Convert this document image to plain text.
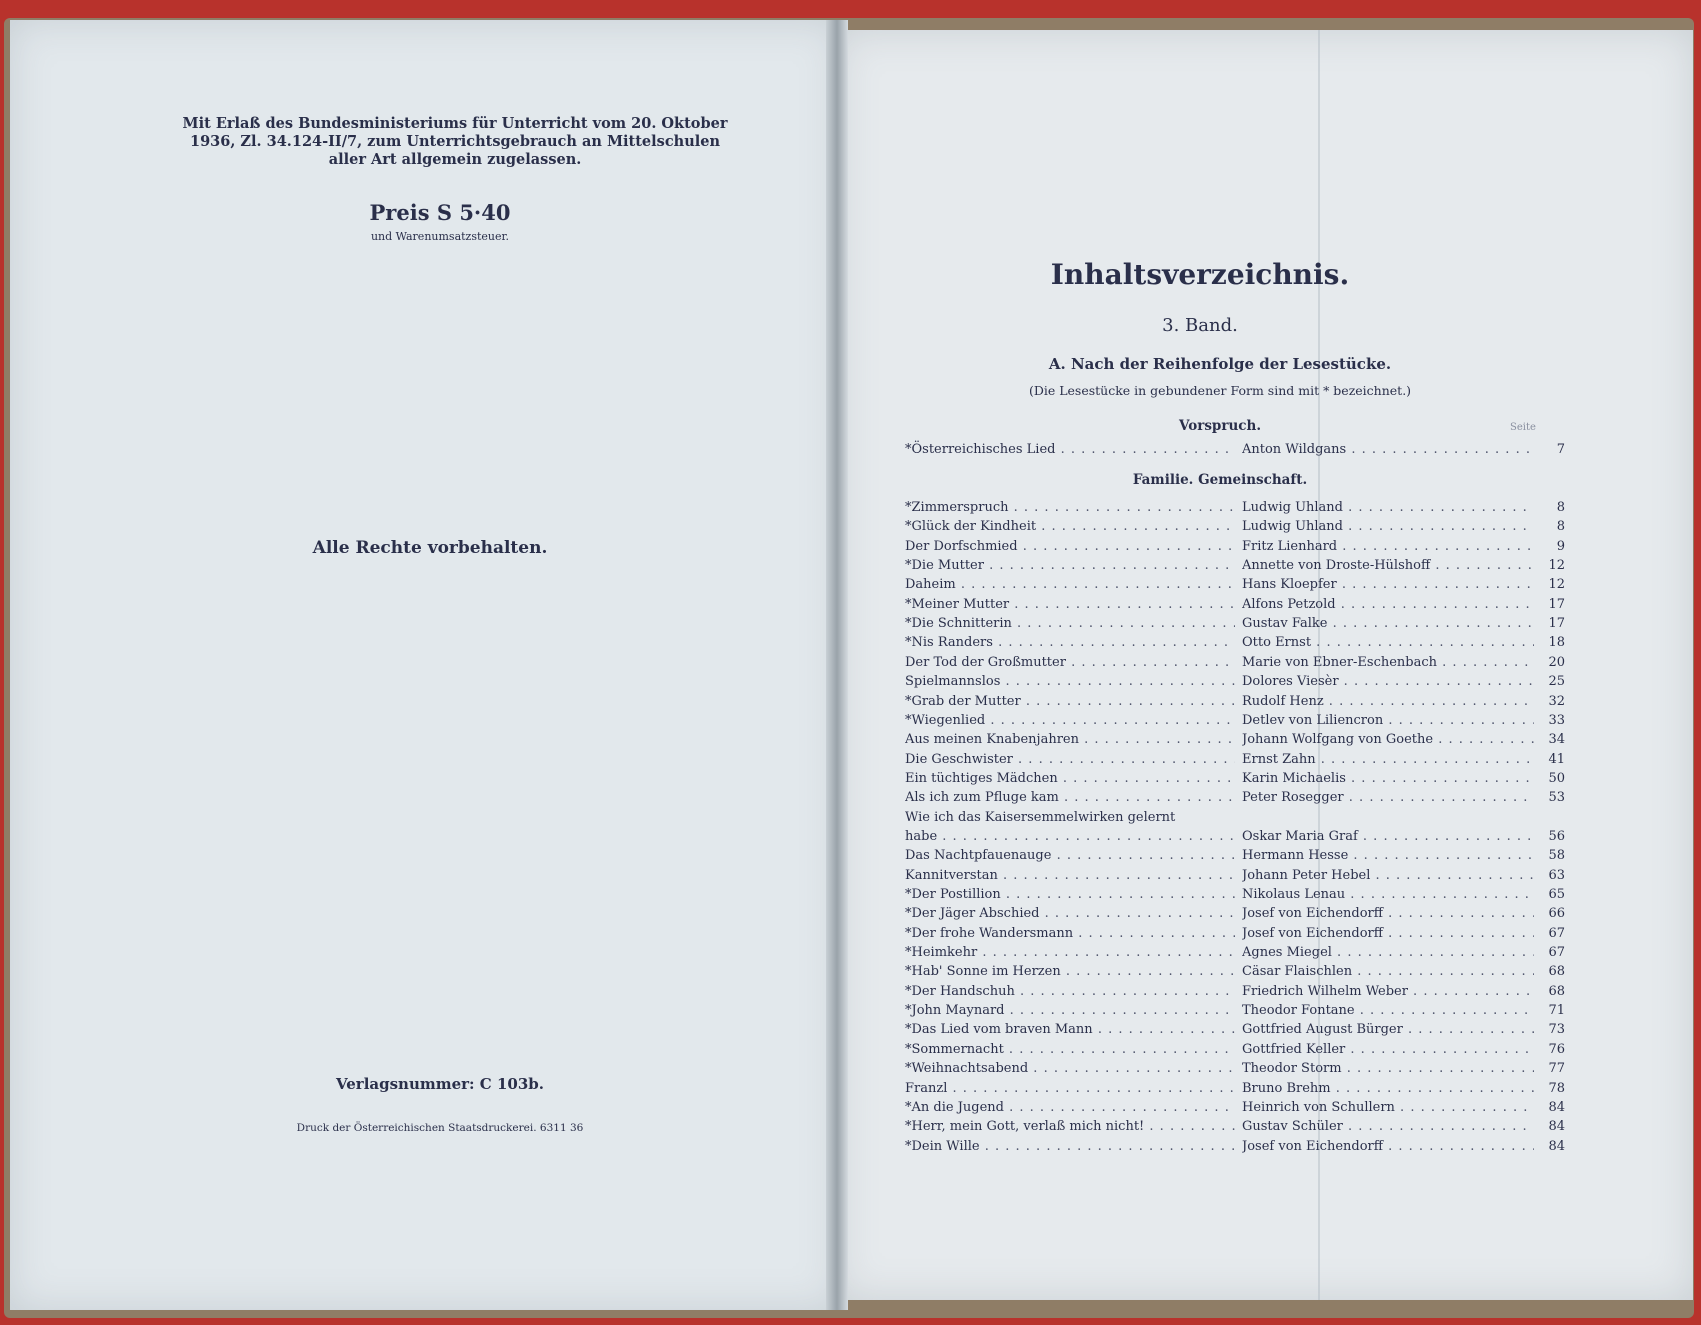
Mit Erlaß des Bundesministeriums für Unterricht vom 20. Oktober 1936, Zl. 34.124-II/7, zum Unterrichtsgebrauch an Mittelschulen aller Art allgemein zugelassen.
Preis S 5·40
und Warenumsatzsteuer.
Alle Rechte vorbehalten.
Verlagsnummer: C 103b.
Druck der Österreichischen Staatsdruckerei. 6311 36
Inhaltsverzeichnis.
3. Band.
A. Nach der Reihenfolge der Lesestücke.
(Die Lesestücke in gebundener Form sind mit * bezeichnet.)
Vorspruch.	Seite
*Österreichisches Lied . . .	Anton Wildgans . . .	7
Familie. Gemeinschaft.
*Zimmerspruch . . .	Ludwig Uhland . . .	8
*Glück der Kindheit . . .	Ludwig Uhland . . .	8
Der Dorfschmied . . .	Fritz Lienhard . . .	9
*Die Mutter . . .	Annette von Droste-Hülshoff . . .	12
Daheim . . .	Hans Kloepfer . . .	12
*Meiner Mutter . . .	Alfons Petzold . . .	17
*Die Schnitterin . . .	Gustav Falke . . .	17
*Nis Randers . . .	Otto Ernst . . .	18
Der Tod der Großmutter . . .	Marie von Ebner-Eschenbach . . .	20
Spielmannslos . . .	Dolores Viesèr . . .	25
*Grab der Mutter . . .	Rudolf Henz . . .	32
*Wiegenlied . . .	Detlev von Liliencron . . .	33
Aus meinen Knabenjahren . . .	Johann Wolfgang von Goethe . . .	34
Die Geschwister . . .	Ernst Zahn . . .	41
Ein tüchtiges Mädchen . . .	Karin Michaelis . . .	50
Als ich zum Pfluge kam . . .	Peter Rosegger . . .	53
Wie ich das Kaisersemmelwirken gelernt
habe . . .	Oskar Maria Graf . . .	56
Das Nachtpfauenauge . . .	Hermann Hesse . . .	58
Kannitverstan . . .	Johann Peter Hebel . . .	63
*Der Postillion . . .	Nikolaus Lenau . . .	65
*Der Jäger Abschied . . .	Josef von Eichendorff . . .	66
*Der frohe Wandersmann . . .	Josef von Eichendorff . . .	67
*Heimkehr . . .	Agnes Miegel . . .	67
*Hab' Sonne im Herzen . . .	Cäsar Flaischlen . . .	68
*Der Handschuh . . .	Friedrich Wilhelm Weber . . .	68
*John Maynard . . .	Theodor Fontane . . .	71
*Das Lied vom braven Mann . . .	Gottfried August Bürger . . .	73
*Sommernacht . . .	Gottfried Keller . . .	76
*Weihnachtsabend . . .	Theodor Storm . . .	77
Franzl . . .	Bruno Brehm . . .	78
*An die Jugend . . .	Heinrich von Schullern . . .	84
*Herr, mein Gott, verlaß mich nicht! . . .	Gustav Schüler . . .	84
*Dein Wille . . .	Josef von Eichendorff . . .	84
